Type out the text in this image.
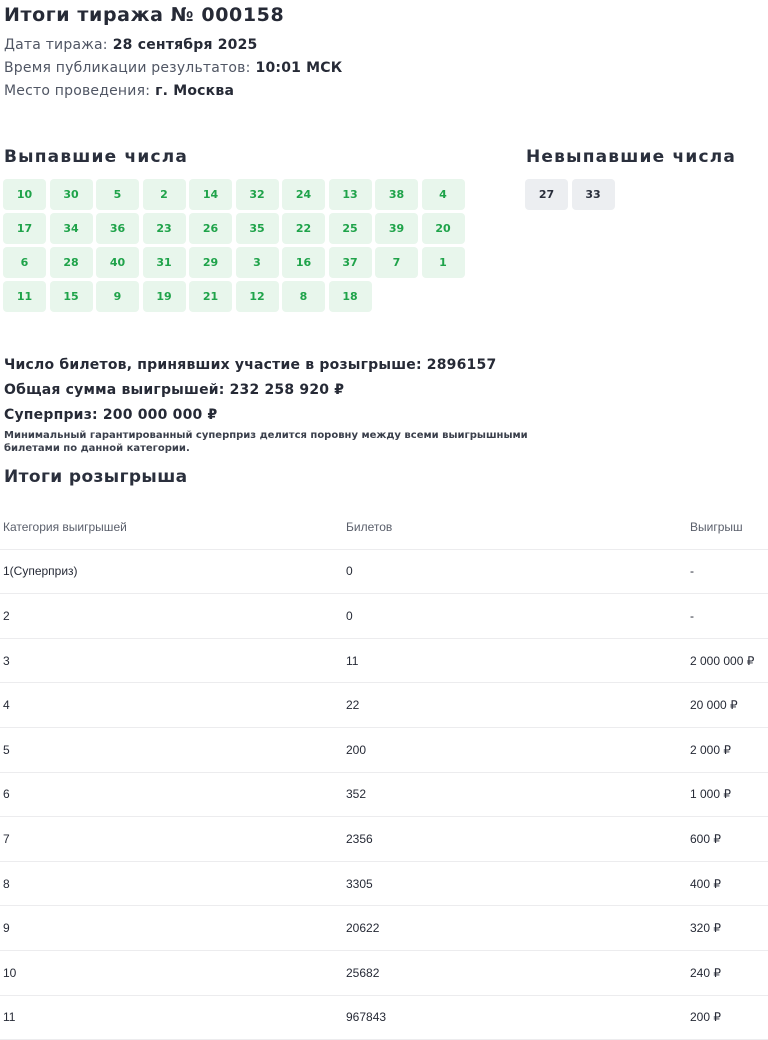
Итоги тиража № 000158
Дата тиража: 28 сентября 2025
Время публикации результатов: 10:01 МСК
Место проведения: г. Москва
Выпавшие числа	Невыпавшие числа
10	30	5	2	14	32	24	13	38	4
17	34	36	23	26	35	22	25	39	20
6	28	40	31	29	3	16	37	7	1
11	15	9	19	21	12	8	18
27	33
Число билетов, принявших участие в розыгрыше: 2896157
Общая сумма выигрышей: 232 258 920 ₽
Суперприз: 200 000 000 ₽
Минимальный гарантированный суперприз делится поровну между всеми выигрышными билетами по данной категории.
Итоги розыгрыша
Категория выигрышей	Билетов	Выигрыш
1(Суперприз)	0	-
2	0	-
3	11	2 000 000 ₽
4	22	20 000 ₽
5	200	2 000 ₽
6	352	1 000 ₽
7	2356	600 ₽
8	3305	400 ₽
9	20622	320 ₽
10	25682	240 ₽
11	967843	200 ₽
